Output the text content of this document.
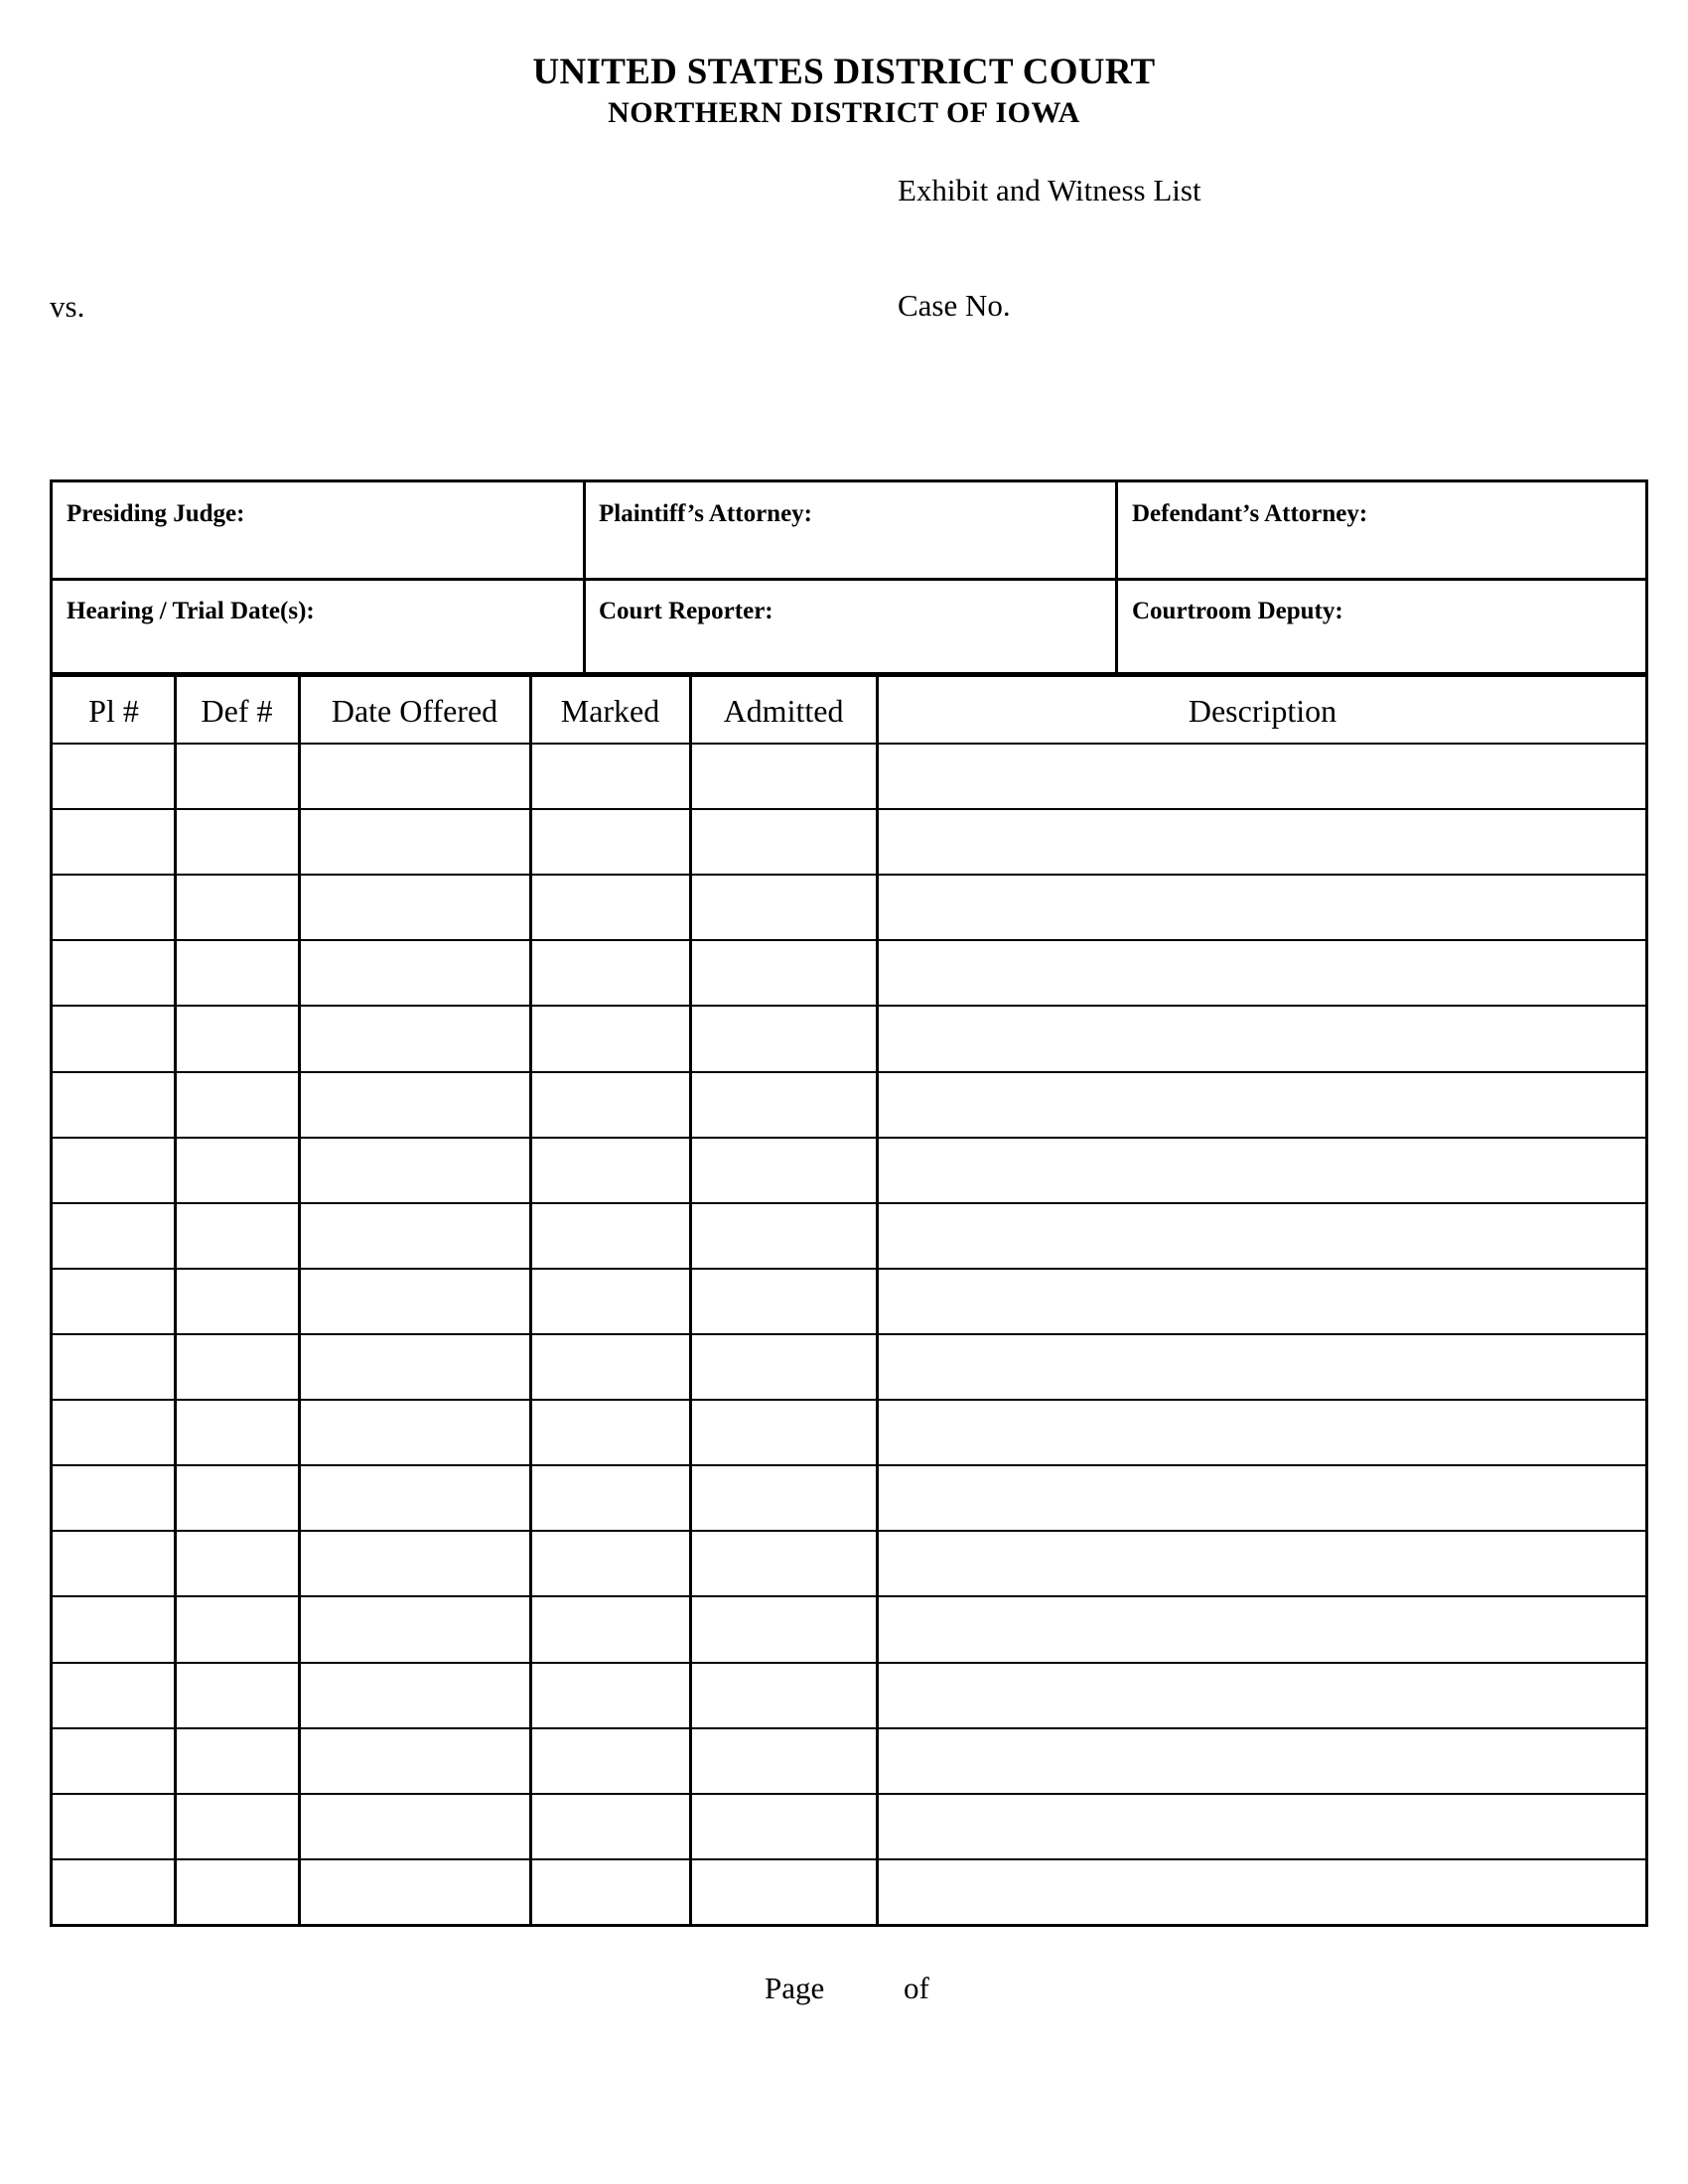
UNITED STATES DISTRICT COURT
NORTHERN DISTRICT OF IOWA
Exhibit and Witness List
vs.	Case No.
Presiding Judge:	Plaintiff’s Attorney:	Defendant’s Attorney:
Hearing / Trial Date(s):	Court Reporter:	Courtroom Deputy:
Pl #	Def #	Date Offered	Marked	Admitted	Description
Page	of
